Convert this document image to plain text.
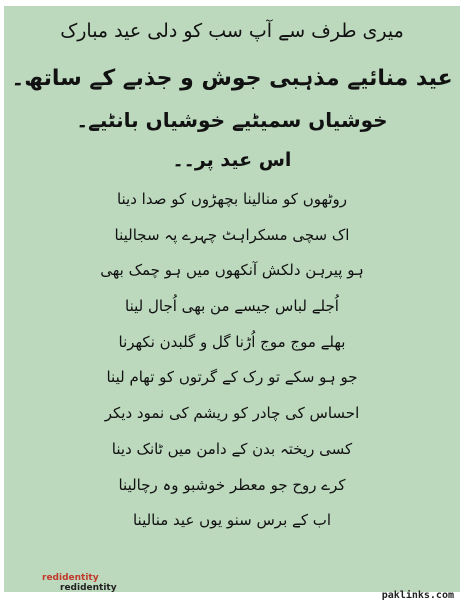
میری طرف سے آپ سب کو دلی عید مبارک
عید منائیے مذہبی جوش و جذبے کے ساتھ۔
خوشیاں سمیٹیے خوشیاں بانٹیے۔
اس عید پر۔۔
روٹھوں کو منالینا بچھڑوں کو صدا دینا
اک سچی مسکراہٹ چہرے پہ سجالینا
ہو پیرہن دلکش آنکھوں میں ہو چمک بھی
اُجلے لباس جیسے من بھی اُجال لینا
بھلے موج موج اُڑنا گل و گلبدن نکھرنا
جو ہو سکے تو رک کے گرتوں کو تھام لینا
احساس کی چادر کو ریشم کی نمود دیکر
کسی ریختہ بدن کے دامن میں ٹانک دینا
کرے روح جو معطر خوشبو وہ رچالینا
اب کے برس سنو یوں عید منالینا
redidentity
redidentity
paklinks.com
